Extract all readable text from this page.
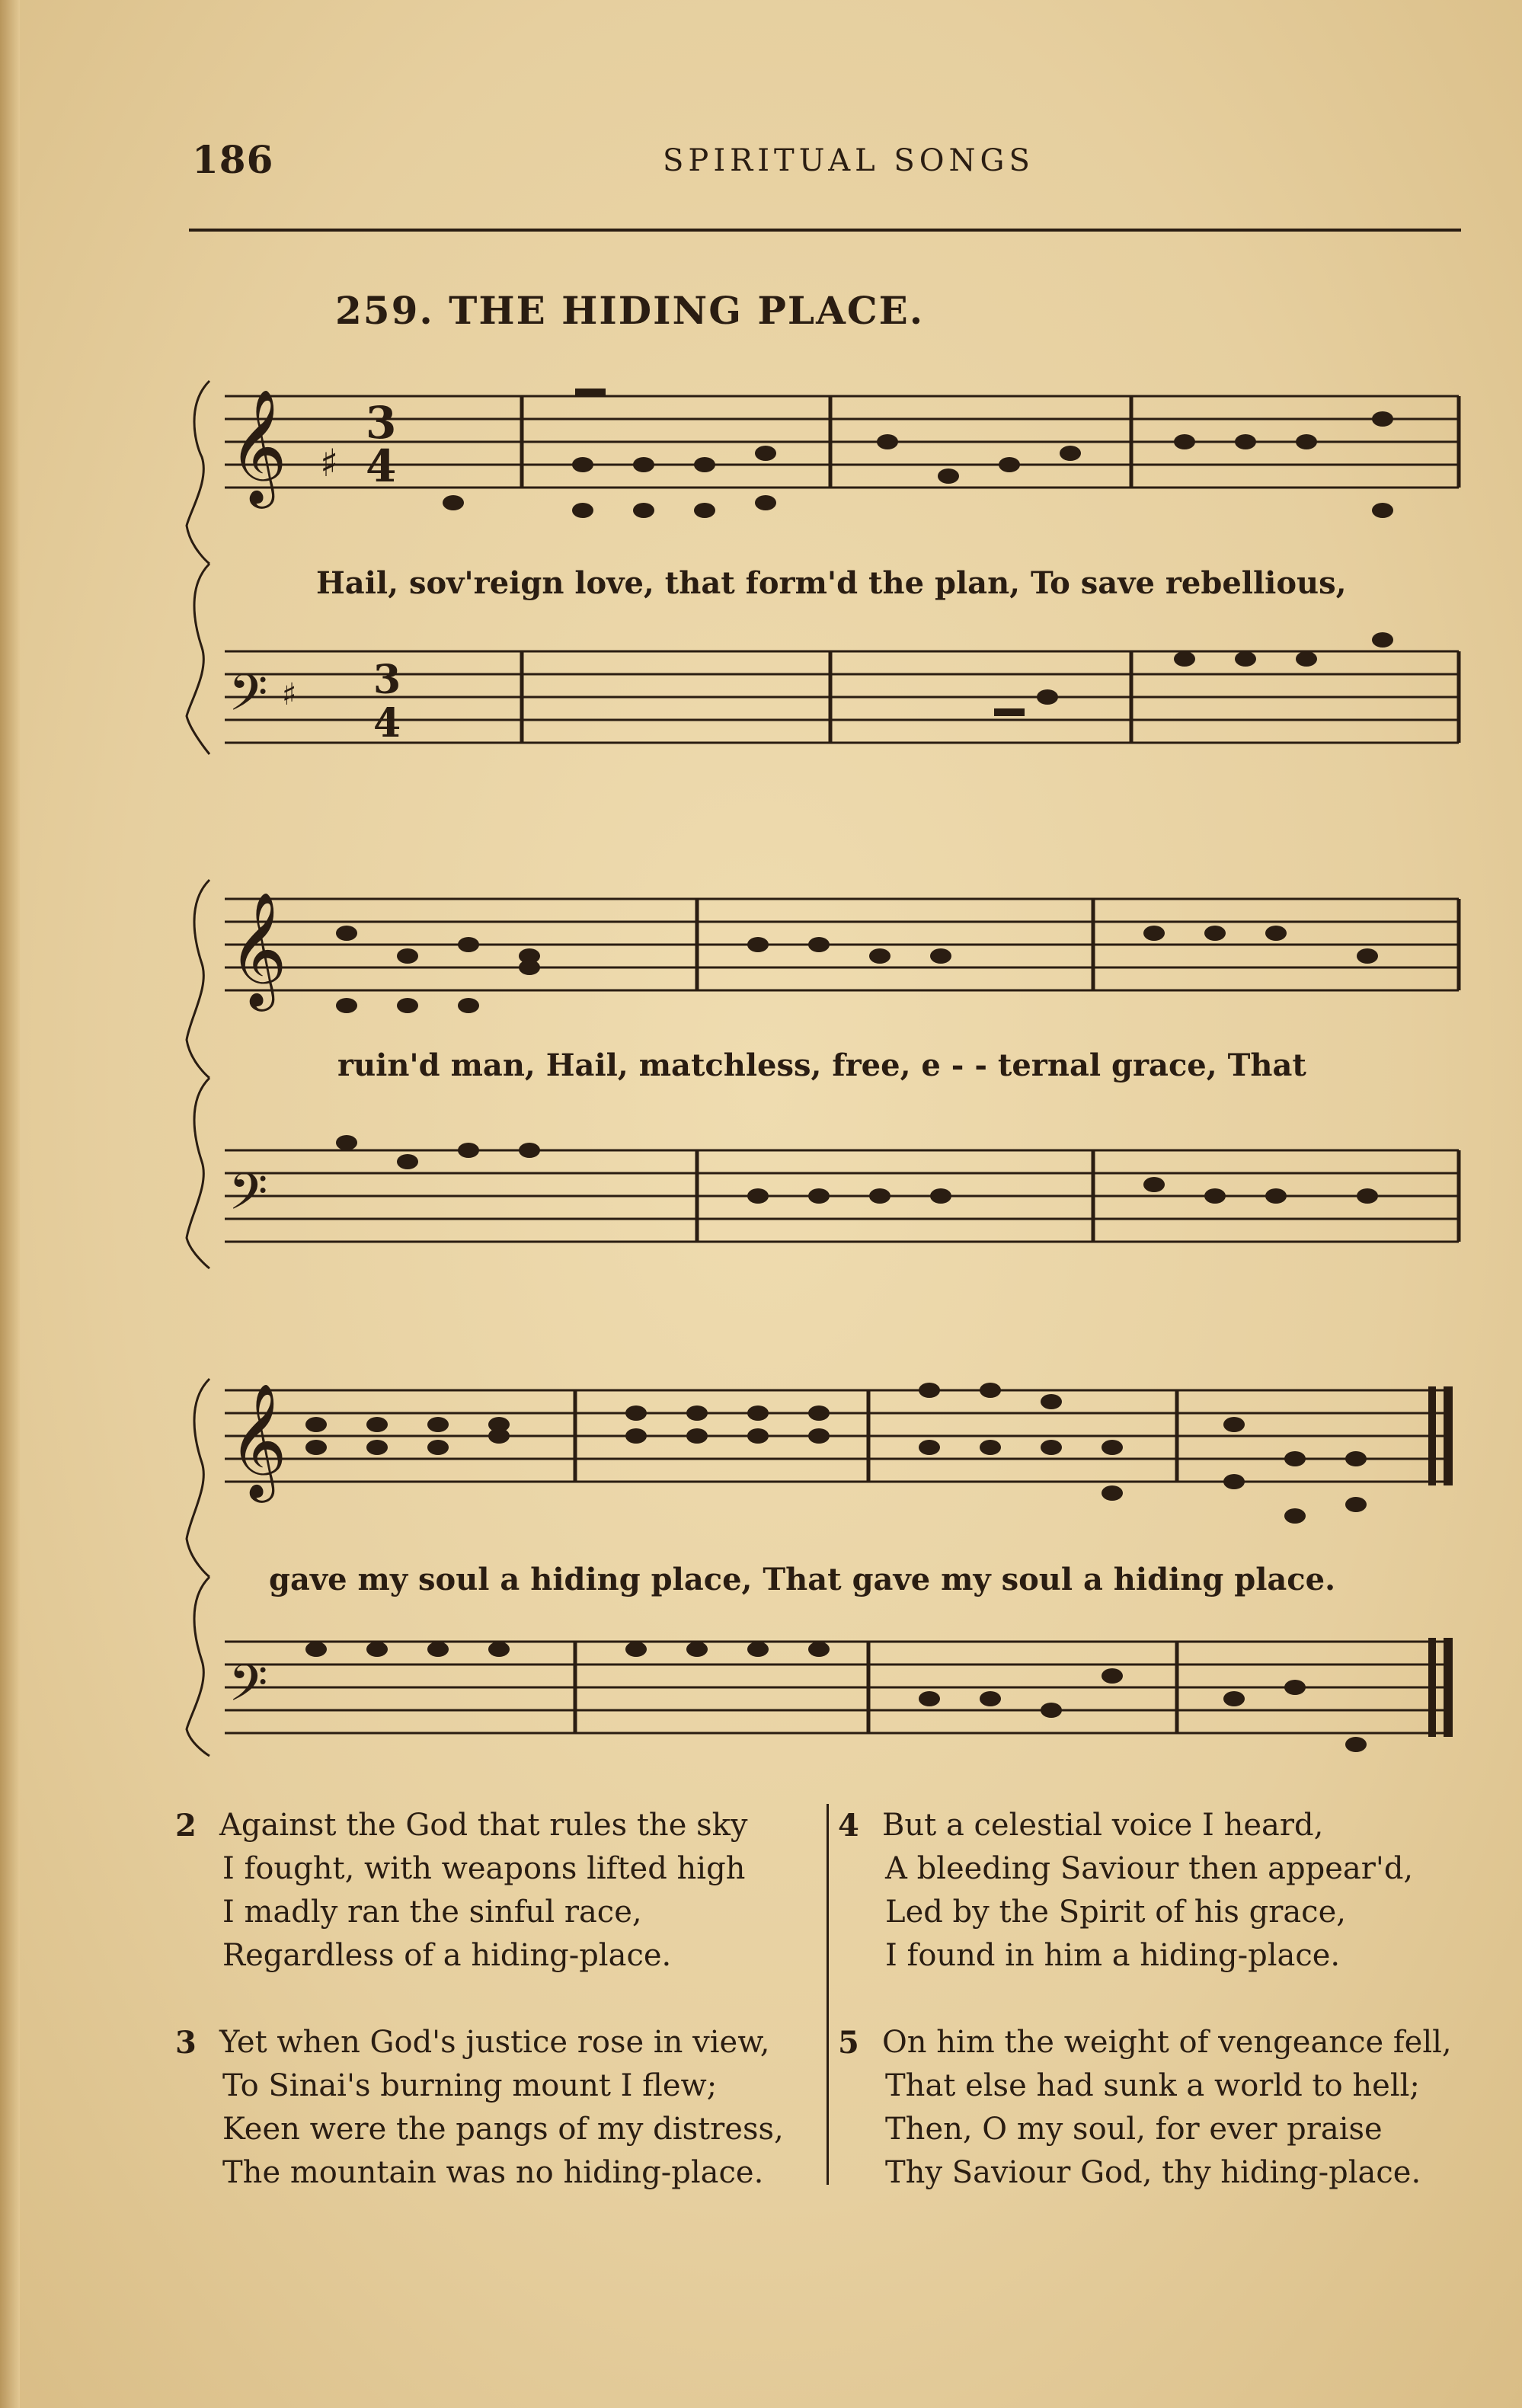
186	SPIRITUAL SONGS
259. THE HIDING PLACE.
𝄞 3
4
♯
𝄢 ♯ 3
4
Hail, sov'reign love, that form'd the plan, To save rebellious,
𝄞
𝄢
ruin'd man, Hail, matchless, free, e - - ternal grace, That
𝄞
𝄢
gave my soul a hiding place, That gave my soul a hiding place.
2 Against the God that rules the sky
I fought, with weapons lifted high
I madly ran the sinful race,
Regardless of a hiding-place.
3 Yet when God's justice rose in view,
To Sinai's burning mount I flew;
Keen were the pangs of my distress,
The mountain was no hiding-place.
4 But a celestial voice I heard,
A bleeding Saviour then appear'd,
Led by the Spirit of his grace,
I found in him a hiding-place.
5 On him the weight of vengeance fell,
That else had sunk a world to hell;
Then, O my soul, for ever praise
Thy Saviour God, thy hiding-place.
